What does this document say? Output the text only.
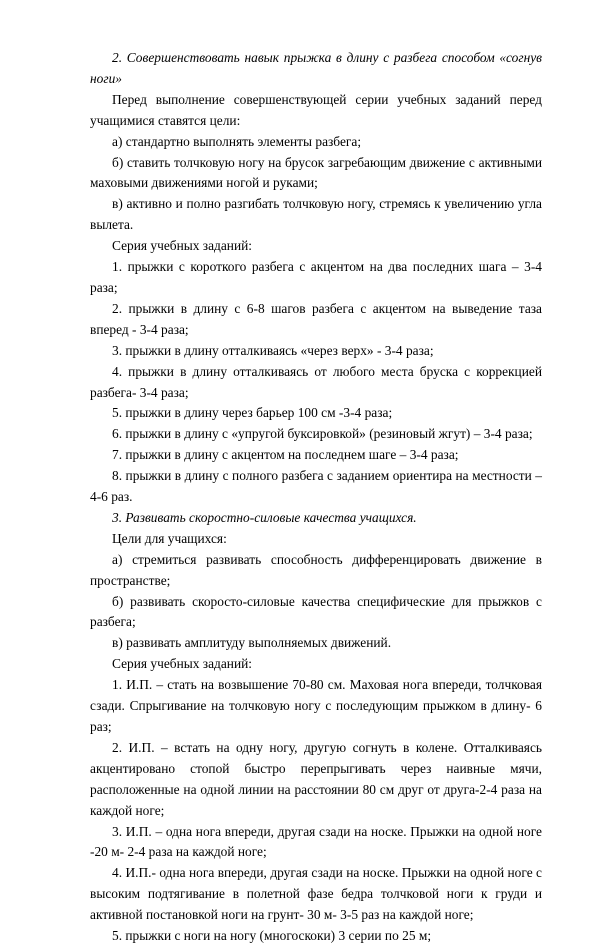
2. Совершенствовать навык прыжка в длину с разбега способом «согнув ноги»

Перед выполнение совершенствующей серии учебных заданий перед учащимися ставятся цели:

а) стандартно выполнять элементы разбега;

б) ставить толчковую ногу на брусок загребающим движение с активными маховыми движениями ногой и руками;

в) активно и полно разгибать толчковую ногу, стремясь к увеличению угла вылета.

Серия учебных заданий:

1. прыжки с короткого разбега с акцентом на два последних шага – 3-4 раза;

2. прыжки в длину с 6-8 шагов разбега с акцентом на выведение таза вперед - 3-4 раза;

3. прыжки в длину отталкиваясь «через верх» - 3-4 раза;

4. прыжки в длину отталкиваясь от любого места бруска с коррекцией разбега- 3-4 раза;

5. прыжки в длину через барьер 100 см -3-4 раза;

6. прыжки в длину с «упругой буксировкой» (резиновый жгут) – 3-4 раза;

7. прыжки в длину с акцентом на последнем шаге – 3-4 раза;

8. прыжки в длину с полного разбега с заданием ориентира на местности – 4-6 раз.

3. Развивать скоростно-силовые качества учащихся.

Цели для учащихся:

а) стремиться развивать способность дифференцировать движение в пространстве;

б) развивать скоросто-силовые качества специфические для прыжков с разбега;

в) развивать амплитуду выполняемых движений.

Серия учебных заданий:

1. И.П. – стать на возвышение 70-80 см. Маховая нога впереди, толчковая сзади. Спрыгивание на толчковую ногу с последующим прыжком в длину- 6 раз;

2. И.П. – встать на одну ногу, другую согнуть в колене. Отталкиваясь акцентировано стопой быстро перепрыгивать через наивные мячи, расположенные на одной линии на расстоянии 80 см друг от друга-2-4 раза на каждой ноге;

3. И.П. – одна нога впереди, другая сзади на носке. Прыжки на одной ноге -20 м- 2-4 раза на каждой ноге;

4. И.П.- одна нога впереди, другая сзади на носке. Прыжки на одной ноге с высоким подтягивание в полетной фазе бедра толчковой ноги к груди и активной постановкой ноги на грунт- 30 м- 3-5 раз на каждой ноге;

5. прыжки с ноги на ногу (многоскоки) 3 серии по 25 м;
